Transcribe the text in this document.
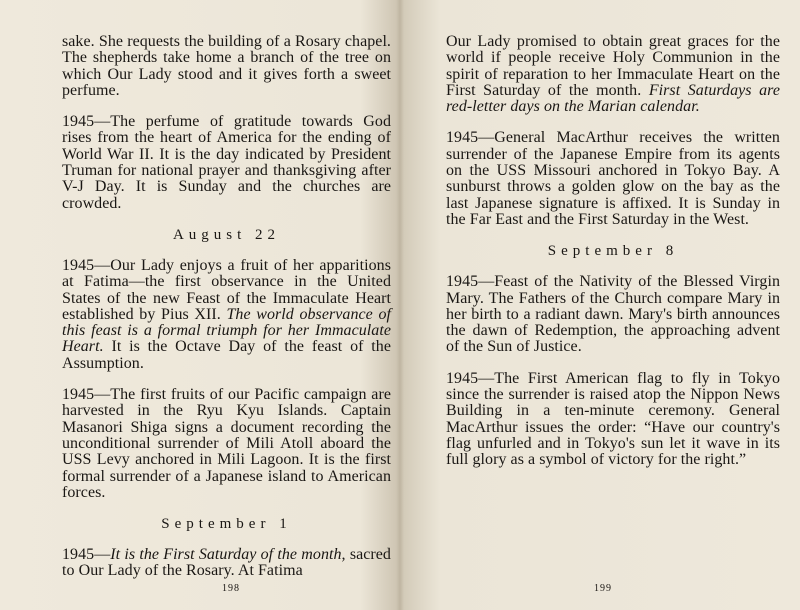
sake. She requests the building of a Rosary chapel. The shepherds take home a branch of the tree on which Our Lady stood and it gives forth a sweet perfume.

1945—The perfume of gratitude towards God rises from the heart of America for the ending of World War II. It is the day indicated by President Truman for national prayer and thanksgiving after V-J Day. It is Sunday and the churches are crowded.

August 22

1945—Our Lady enjoys a fruit of her apparitions at Fatima—the first observance in the United States of the new Feast of the Immaculate Heart established by Pius XII. The world observance of this feast is a formal triumph for her Immaculate Heart. It is the Octave Day of the feast of the Assumption.

1945—The first fruits of our Pacific campaign are harvested in the Ryu Kyu Islands. Captain Masanori Shiga signs a document recording the unconditional surrender of Mili Atoll aboard the USS Levy anchored in Mili Lagoon. It is the first formal surrender of a Japanese island to American forces.

September 1

1945—It is the First Saturday of the month, sacred to Our Lady of the Rosary. At Fatima

198

Our Lady promised to obtain great graces for the world if people receive Holy Communion in the spirit of reparation to her Immaculate Heart on the First Saturday of the month. First Saturdays are red-letter days on the Marian calendar.

1945—General MacArthur receives the written surrender of the Japanese Empire from its agents on the USS Missouri anchored in Tokyo Bay. A sunburst throws a golden glow on the bay as the last Japanese signature is affixed. It is Sunday in the Far East and the First Saturday in the West.

September 8

1945—Feast of the Nativity of the Blessed Virgin Mary. The Fathers of the Church compare Mary in her birth to a radiant dawn. Mary's birth announces the dawn of Redemption, the approaching advent of the Sun of Justice.

1945—The First American flag to fly in Tokyo since the surrender is raised atop the Nippon News Building in a ten-minute ceremony. General MacArthur issues the order: “Have our country's flag unfurled and in Tokyo's sun let it wave in its full glory as a symbol of victory for the right.”

199
